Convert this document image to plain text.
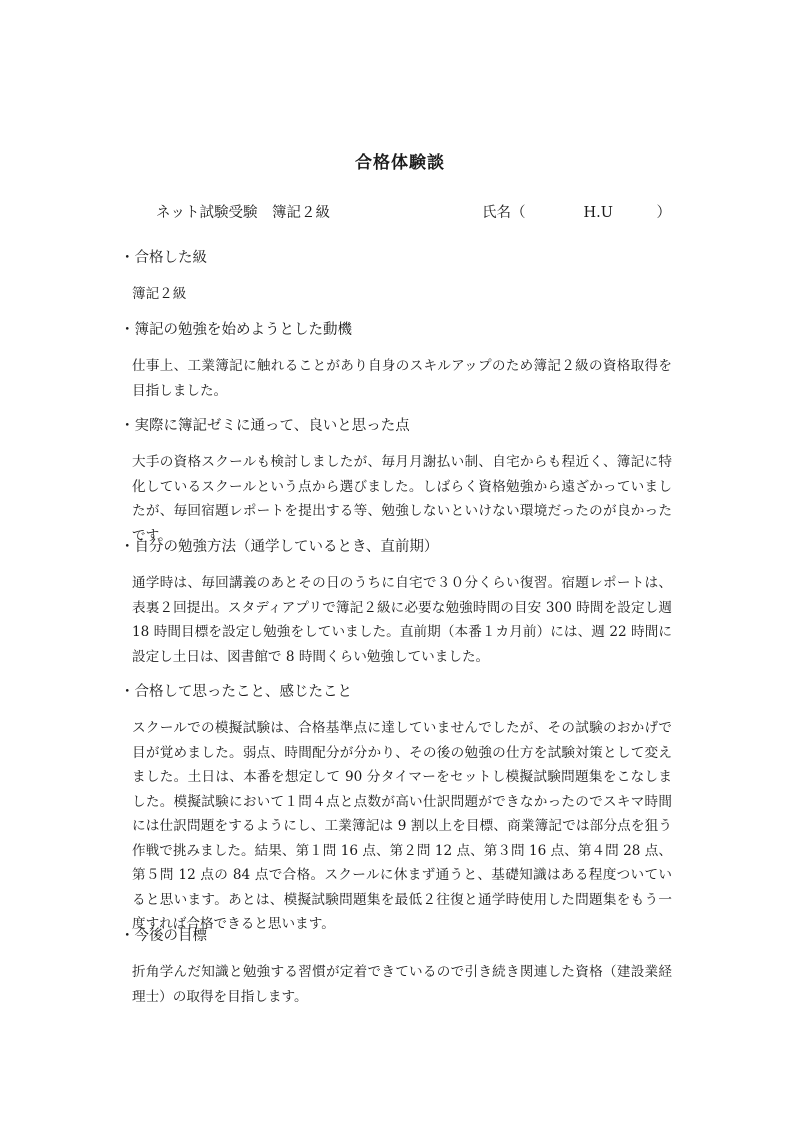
合格体験談
ネット試験受験　簿記２級	氏名（　　　　H.U　　　）

・合格した級

簿記２級

・簿記の勉強を始めようとした動機

仕事上、工業簿記に触れることがあり自身のスキルアップのため簿記２級の資格取得を目指しました。

・実際に簿記ゼミに通って、良いと思った点

大手の資格スクールも検討しましたが、毎月月謝払い制、自宅からも程近く、簿記に特化しているスクールという点から選びました。しばらく資格勉強から遠ざかっていましたが、毎回宿題レポートを提出する等、勉強しないといけない環境だったのが良かったです。

・自分の勉強方法（通学しているとき、直前期）

通学時は、毎回講義のあとその日のうちに自宅で３０分くらい復習。宿題レポートは、表裏２回提出。スタディアプリで簿記２級に必要な勉強時間の目安 300 時間を設定し週 18 時間目標を設定し勉強をしていました。直前期（本番１カ月前）には、週 22 時間に設定し土日は、図書館で 8 時間くらい勉強していました。

・合格して思ったこと、感じたこと

スクールでの模擬試験は、合格基準点に達していませんでしたが、その試験のおかげで目が覚めました。弱点、時間配分が分かり、その後の勉強の仕方を試験対策として変えました。土日は、本番を想定して 90 分タイマーをセットし模擬試験問題集をこなしました。模擬試験において１問４点と点数が高い仕訳問題ができなかったのでスキマ時間には仕訳問題をするようにし、工業簿記は 9 割以上を目標、商業簿記では部分点を狙う作戦で挑みました。結果、第１問 16 点、第２問 12 点、第３問 16 点、第４問 28 点、第５問 12 点の 84 点で合格。スクールに休まず通うと、基礎知識はある程度ついていると思います。あとは、模擬試験問題集を最低２往復と通学時使用した問題集をもう一度すれば合格できると思います。

・今後の目標

折角学んだ知識と勉強する習慣が定着できているので引き続き関連した資格（建設業経理士）の取得を目指します。
